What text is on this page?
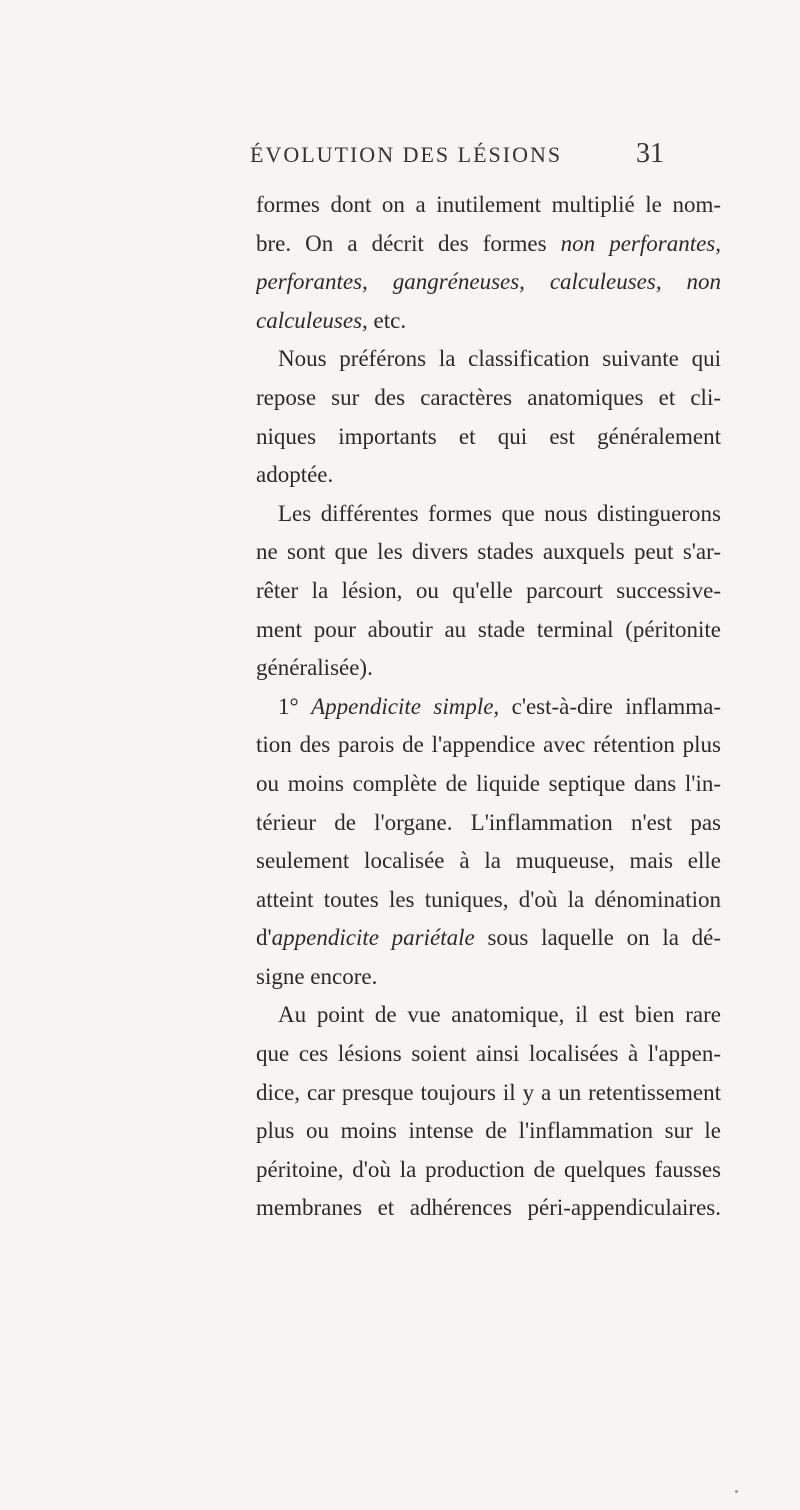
ÉVOLUTION DES LÉSIONS	31
formes dont on a inutilement multiplié le nom-
bre. On a décrit des formes non perforantes,
perforantes, gangréneuses, calculeuses, non
calculeuses, etc.
Nous préférons la classification suivante qui
repose sur des caractères anatomiques et cli-
niques importants et qui est généralement
adoptée.
Les différentes formes que nous distinguerons
ne sont que les divers stades auxquels peut s'ar-
rêter la lésion, ou qu'elle parcourt successive-
ment pour aboutir au stade terminal (péritonite
généralisée).
1° Appendicite simple, c'est-à-dire inflamma-
tion des parois de l'appendice avec rétention plus
ou moins complète de liquide septique dans l'in-
térieur de l'organe. L'inflammation n'est pas
seulement localisée à la muqueuse, mais elle
atteint toutes les tuniques, d'où la dénomination
d'appendicite pariétale sous laquelle on la dé-
signe encore.
Au point de vue anatomique, il est bien rare
que ces lésions soient ainsi localisées à l'appen-
dice, car presque toujours il y a un retentissement
plus ou moins intense de l'inflammation sur le
péritoine, d'où la production de quelques fausses
membranes et adhérences péri-appendiculaires.
